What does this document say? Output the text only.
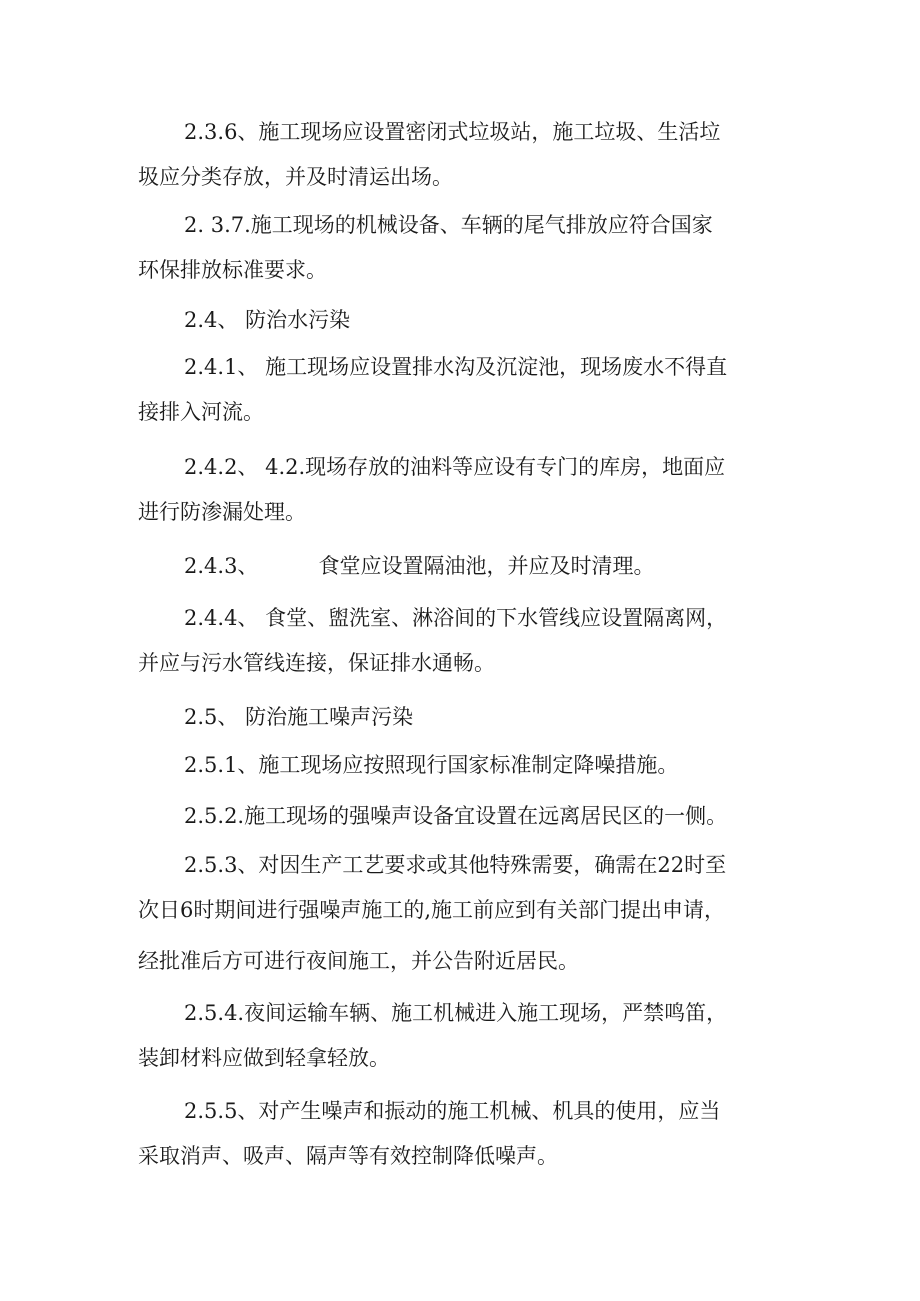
2.3.6、施工现场应设置密闭式垃圾站，施工垃圾、生活垃
圾应分类存放，并及时清运出场。
2. 3.7.施工现场的机械设备、车辆的尾气排放应符合国家
环保排放标准要求。
2.4、 防治水污染
2.4.1、 施工现场应设置排水沟及沉淀池，现场废水不得直
接排入河流。
2.4.2、 4.2.现场存放的油料等应设有专门的库房，地面应
进行防渗漏处理。
2.4.3、         食堂应设置隔油池，并应及时清理。
2.4.4、 食堂、盥洗室、淋浴间的下水管线应设置隔离网，
并应与污水管线连接，保证排水通畅。
2.5、 防治施工噪声污染
2.5.1、施工现场应按照现行国家标准制定降噪措施。
2.5.2.施工现场的强噪声设备宜设置在远离居民区的一侧。
2.5.3、对因生产工艺要求或其他特殊需要，确需在22时至
次日6时期间进行强噪声施工的,施工前应到有关部门提出申请，
经批准后方可进行夜间施工，并公告附近居民。
2.5.4.夜间运输车辆、施工机械进入施工现场，严禁鸣笛，
装卸材料应做到轻拿轻放。
2.5.5、对产生噪声和振动的施工机械、机具的使用，应当
采取消声、吸声、隔声等有效控制降低噪声。
